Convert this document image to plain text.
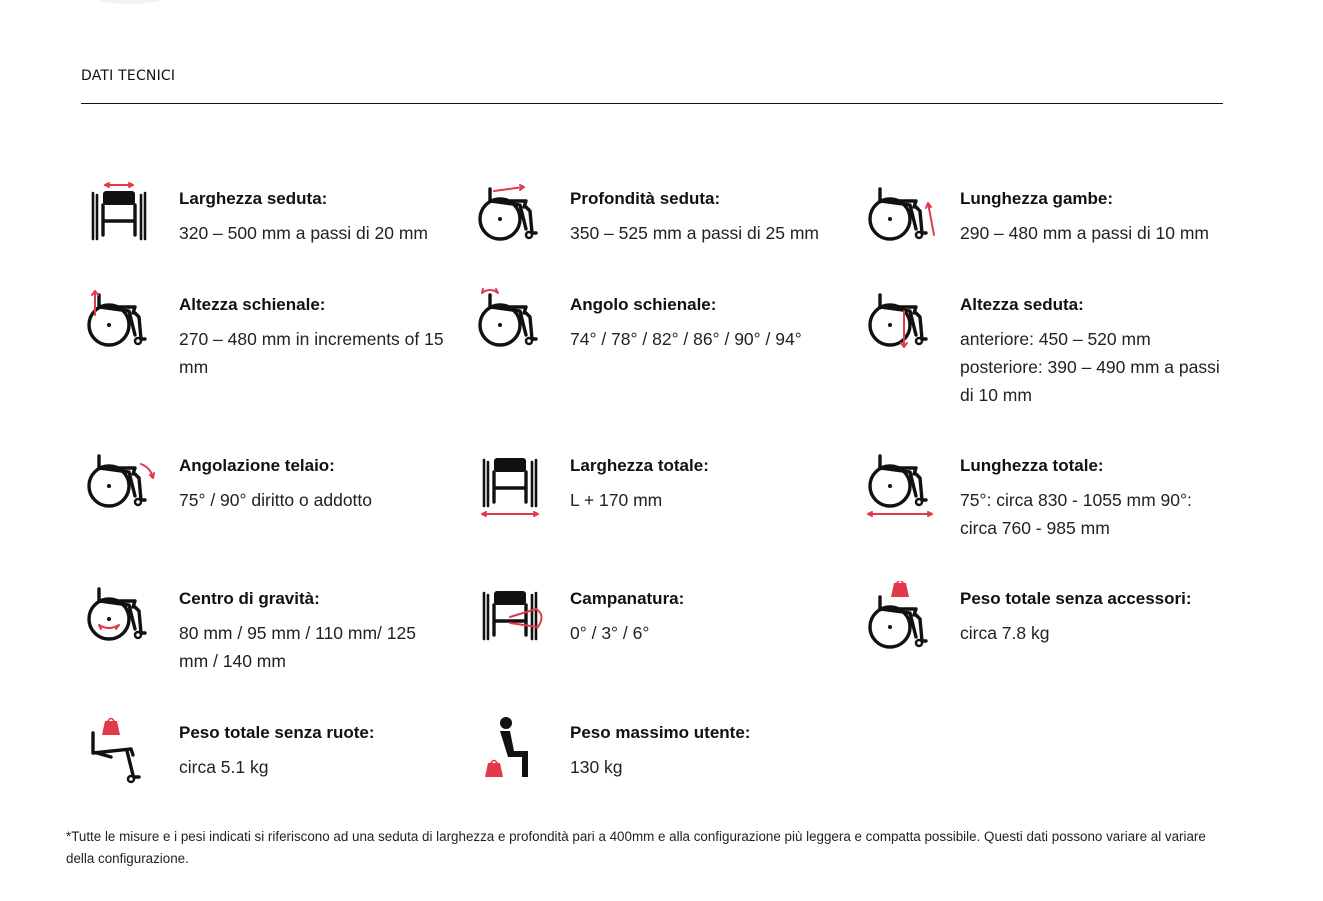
DATI TECNICI

Larghezza seduta:

320 – 500 mm a passi di 20 mm

Profondità seduta:

350 – 525 mm a passi di 25 mm

Lunghezza gambe:

290 – 480 mm a passi di 10 mm

Altezza schienale:

270 – 480 mm in increments of 15 mm

Angolo schienale:

74° / 78° / 82° / 86° / 90° / 94°

Altezza seduta:

anteriore: 450 – 520 mm posteriore: 390 – 490 mm a passi di 10 mm

Angolazione telaio:

75° / 90° diritto o addotto

Larghezza totale:

L + 170 mm

Lunghezza totale:

75°: circa 830 - 1055 mm 90°: circa 760 - 985 mm

Centro di gravità:

80 mm / 95 mm / 110 mm/ 125 mm / 140 mm

Campanatura:

0° / 3° / 6°

Peso totale senza accessori:

circa 7.8 kg

Peso totale senza ruote:

circa 5.1 kg

Peso massimo utente:

130 kg

*Tutte le misure e i pesi indicati si riferiscono ad una seduta di larghezza e profondità pari a 400mm e alla configurazione più leggera e compatta possibile. Questi dati possono variare al variare della configurazione.
